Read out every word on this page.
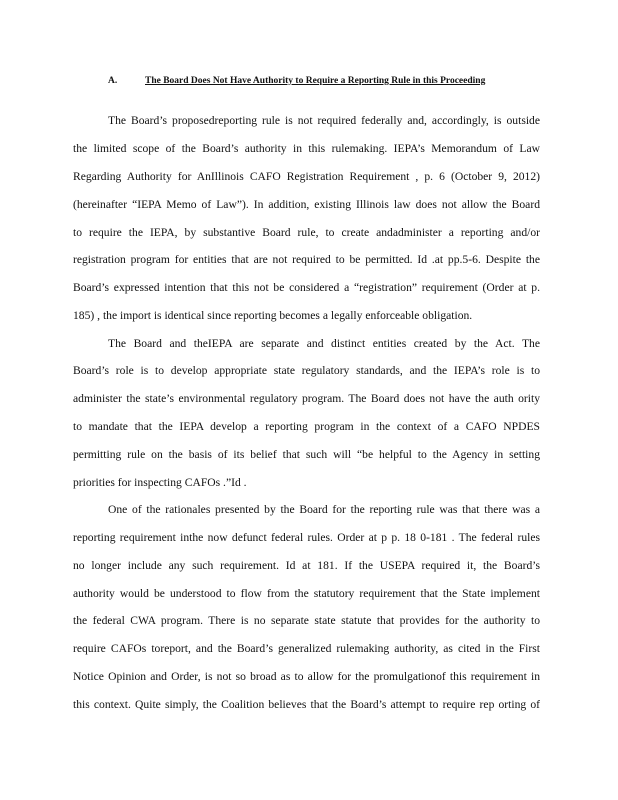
A.	The Board Does Not Have Authority to Require a Reporting Rule in this Proceeding
The Board’s proposedreporting rule is not required federally and, accordingly, is outside
the limited scope of the Board’s authority in this rulemaking. IEPA’s Memorandum of Law
Regarding Authority for AnIllinois CAFO Registration Requirement , p. 6 (October 9, 2012)
(hereinafter “IEPA Memo of Law”). In addition, existing Illinois law does not allow the Board
to require the IEPA, by substantive Board rule, to create andadminister a reporting and/or
registration program for entities that are not required to be permitted. Id .at pp.5-6. Despite the
Board’s expressed intention that this not be considered a “registration” requirement (Order at p.
185) , the import is identical since reporting becomes a legally enforceable obligation.
The Board and theIEPA are separate and distinct entities created by the Act. The
Board’s role is to develop appropriate state regulatory standards, and the IEPA’s role is to
administer the state’s environmental regulatory program. The Board does not have the auth ority
to mandate that the IEPA develop a reporting program in the context of a CAFO NPDES
permitting rule on the basis of its belief that such will “be helpful to the Agency in setting
priorities for inspecting CAFOs .”Id .
One of the rationales presented by the Board for the reporting rule was that there was a
reporting requirement inthe now defunct federal rules. Order at p p. 18 0-181 . The federal rules
no longer include any such requirement. Id at 181. If the USEPA required it, the Board’s
authority would be understood to flow from the statutory requirement that the State implement
the federal CWA program. There is no separate state statute that provides for the authority to
require CAFOs toreport, and the Board’s generalized rulemaking authority, as cited in the First
Notice Opinion and Order, is not so broad as to allow for the promulgationof this requirement in
this context. Quite simply, the Coalition believes that the Board’s attempt to require rep orting of
